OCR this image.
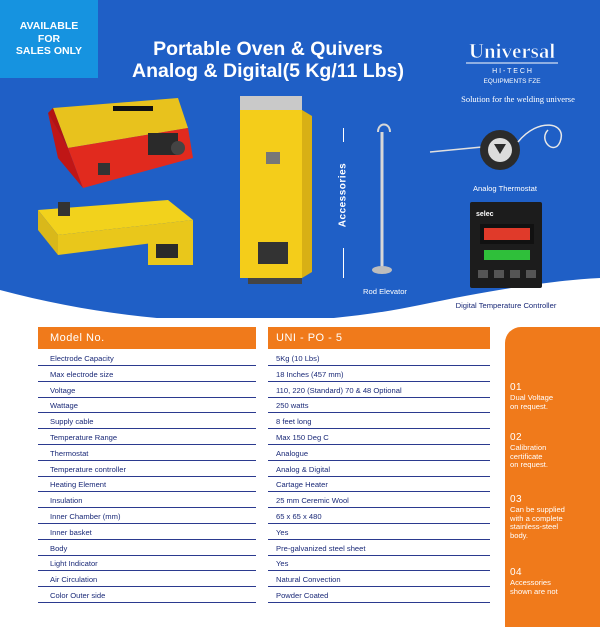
AVAILABLE
FOR
SALES ONLY	Portable Oven & Quivers
Analog & Digital(5 Kg/11 Lbs)
Universal
H I - T E C H
EQUIPMENTS FZE
Solution for the welding universe
Accessories
Rod Elevator
Analog Thermostat
selec
Digital Temperature Controller
Model No.	UNI - PO - 5
Electrode Capacity	5Kg (10 Lbs)
Max electrode size	18 Inches (457 mm)
Voltage	110, 220 (Standard) 70 & 48 Optional
Wattage	250 watts
Supply cable	8 feet long
Temperature Range	Max 150 Deg C
Thermostat	Analogue
Temperature controller	Analog & Digital
Heating Element	Cartage Heater
Insulation	25 mm Ceremic Wool
Inner Chamber (mm)	65 x 65 x 480
Inner basket	Yes
Body	Pre-galvanized steel sheet
Light Indicator	Yes
Air Circulation	Natural Convection
Color Outer side	Powder Coated
01
Dual Voltage
on request.
02
Calibration
certificate
on request.
03
Can be supplied
with a complete
stainless-steel
body.
04
Accessories
shown are not
